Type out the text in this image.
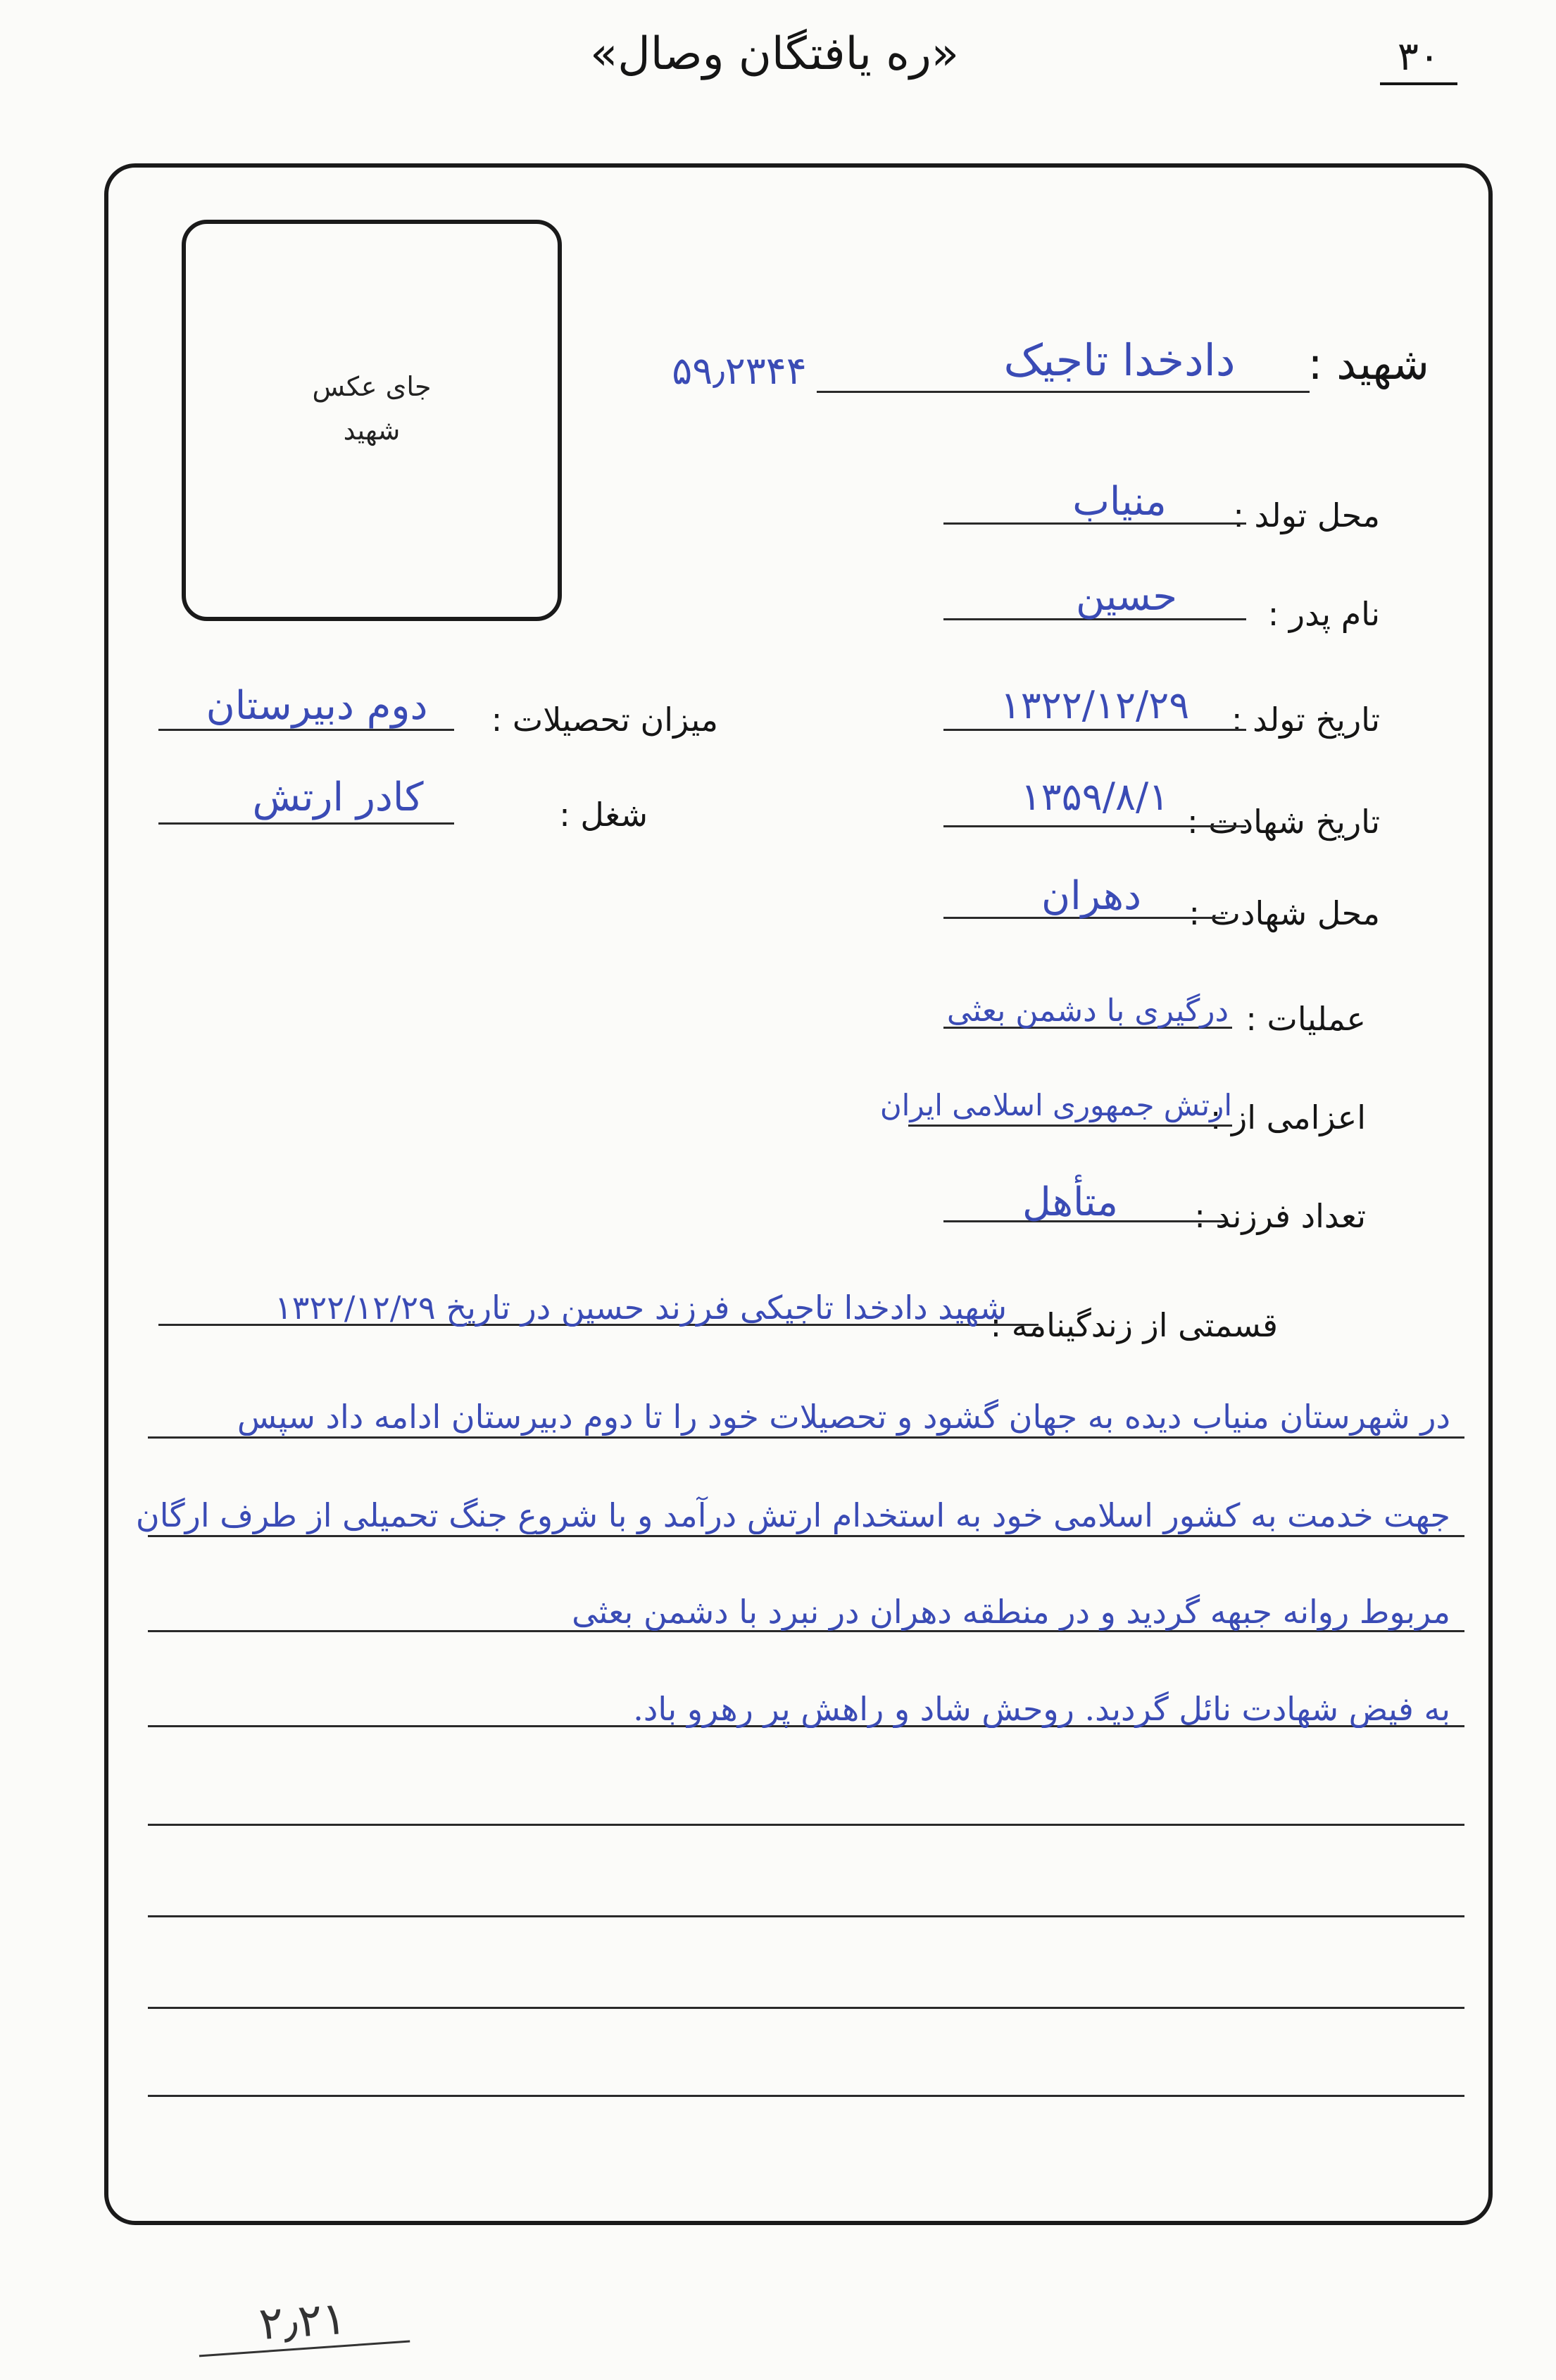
«ره یافتگان وصال»	۳۰
جای عکس
شهید
شهید :
دادخدا تاجیک
۵۹٫۲۳۴۴
محل تولد :
منیاب
نام پدر :
حسین
تاریخ تولد :
۱۳۲۲/۱۲/۲۹
میزان تحصیلات :
دوم دبیرستان
تاریخ شهادت :
۱۳۵۹/۸/۱
شغل :
کادر ارتش
محل شهادت :
دهران
عملیات :
درگیری با دشمن بعثی
اعزامی از :
ارتش جمهوری اسلامی ایران
تعداد فرزند :
متأهل
قسمتی از زندگینامه :
شهید دادخدا تاجیکی فرزند حسین در تاریخ ۱۳۲۲/۱۲/۲۹
در شهرستان منیاب دیده به جهان گشود و تحصیلات خود را تا دوم دبیرستان ادامه داد سپس
جهت خدمت به کشور اسلامی خود به استخدام ارتش درآمد و با شروع جنگ تحمیلی از طرف ارگان
مربوط روانه جبهه گردید و در منطقه دهران در نبرد با دشمن بعثی
به فیض شهادت نائل گردید. روحش شاد و راهش پر رهرو باد.
۲٫۲۱
